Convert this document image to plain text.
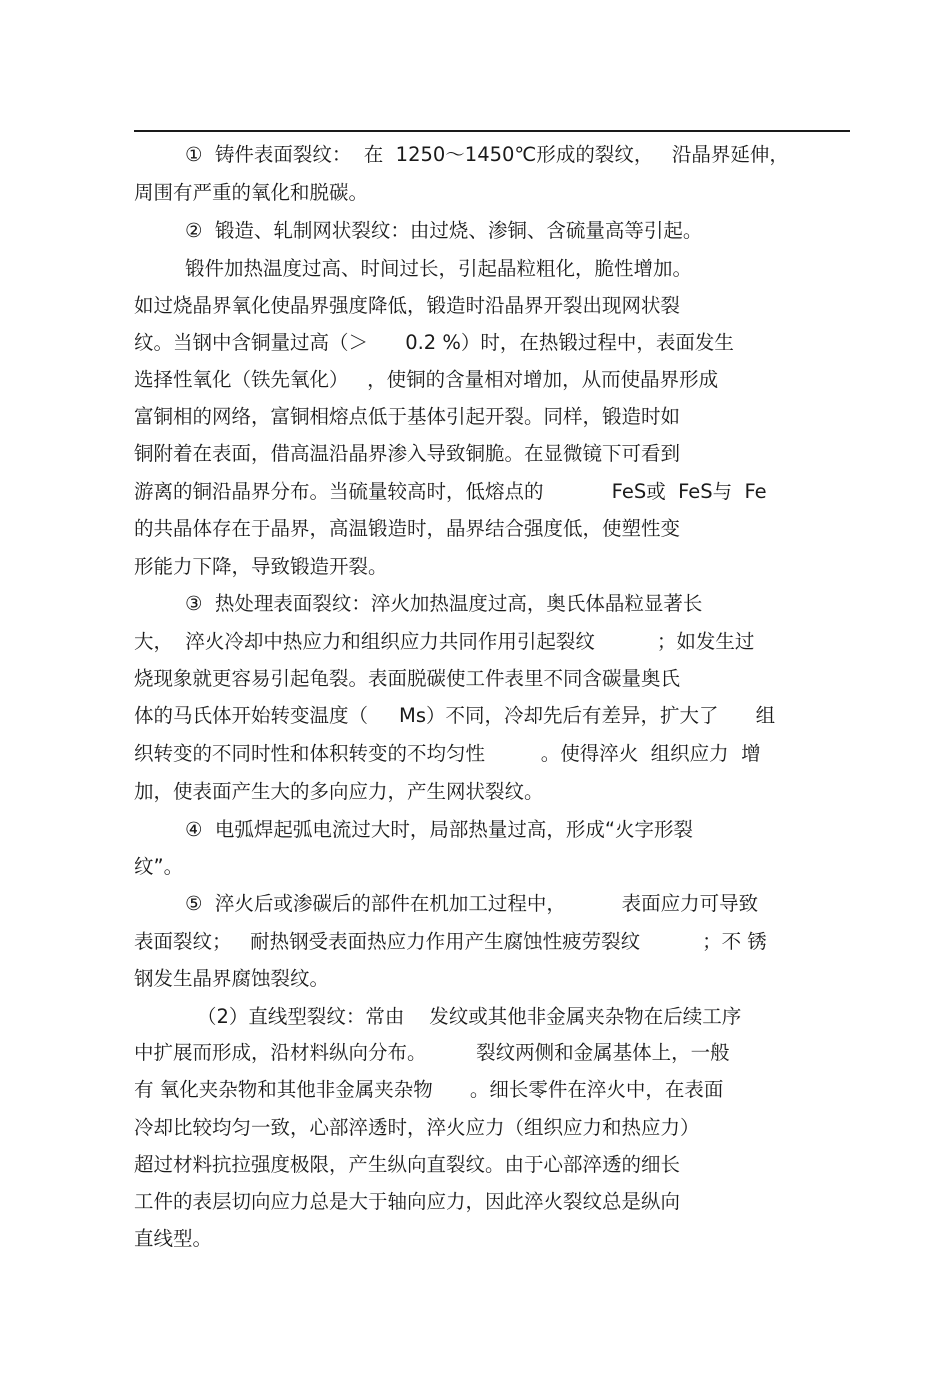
①  铸件表面裂纹：  在  1250～1450℃形成的裂纹，   沿晶界延伸，

周围有严重的氧化和脱碳。

②  锻造、轧制网状裂纹：由过烧、渗铜、含硫量高等引起。

锻件加热温度过高、时间过长，引起晶粒粗化，脆性增加。

如过烧晶界氧化使晶界强度降低，锻造时沿晶界开裂出现网状裂

纹。当钢中含铜量过高（＞      0.2 %）时，在热锻过程中，表面发生

选择性氧化（铁先氧化）   ，使铜的含量相对增加，从而使晶界形成

富铜相的网络，富铜相熔点低于基体引起开裂。同样，锻造时如

铜附着在表面，借高温沿晶界渗入导致铜脆。在显微镜下可看到

游离的铜沿晶界分布。当硫量较高时，低熔点的           FeS或  FeS与  Fe

的共晶体存在于晶界，高温锻造时，晶界结合强度低，使塑性变

形能力下降，导致锻造开裂。

③  热处理表面裂纹：淬火加热温度过高，奥氏体晶粒显著长

大，  淬火冷却中热应力和组织应力共同作用引起裂纹          ；如发生过

烧现象就更容易引起龟裂。表面脱碳使工件表里不同含碳量奥氏

体的马氏体开始转变温度（     Ms）不同，冷却先后有差异，扩大了      组

织转变的不同时性和体积转变的不均匀性         。使得淬火  组织应力  增

加，使表面产生大的多向应力，产生网状裂纹。

④  电弧焊起弧电流过大时，局部热量过高，形成“火字形裂

纹”。

⑤  淬火后或渗碳后的部件在机加工过程中，         表面应力可导致

表面裂纹；   耐热钢受表面热应力作用产生腐蚀性疲劳裂纹          ；不 锈

钢发生晶界腐蚀裂纹。

（2）直线型裂纹：常由    发纹或其他非金属夹杂物在后续工序

中扩展而形成，沿材料纵向分布。        裂纹两侧和金属基体上，一般

有 氧化夹杂物和其他非金属夹杂物      。细长零件在淬火中，在表面

冷却比较均匀一致，心部淬透时，淬火应力（组织应力和热应力）

超过材料抗拉强度极限，产生纵向直裂纹。由于心部淬透的细长

工件的表层切向应力总是大于轴向应力，因此淬火裂纹总是纵向

直线型。
